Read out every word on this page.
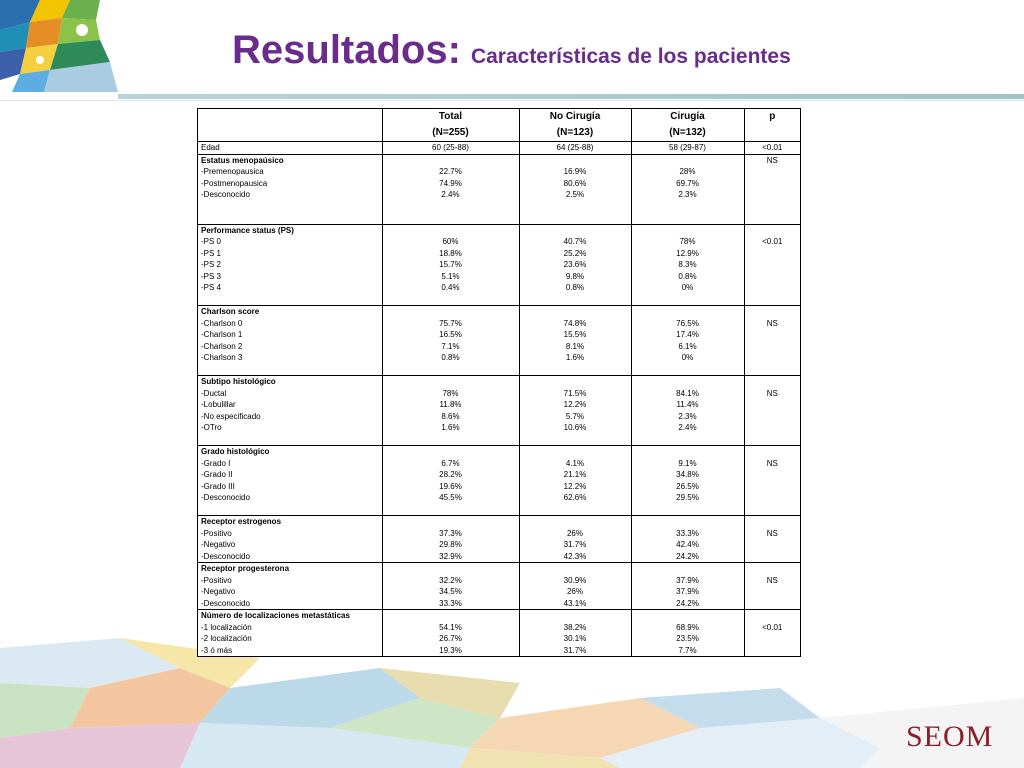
Resultados: Características de los pacientes
SEOM
	Total	No Cirugía	Cirugía	p
	(N=255)	(N=123)	(N=132)	
Edad	60 (25-88)	64 (25-88)	58 (29-87)	<0.01
Estatus menopaúsico				NS
-Premenopausica	22.7%	16.9%	28%	
-Postmenopausica	74.9%	80.6%	69.7%	
-Desconocido	2.4%	2.5%	2.3%	

Performance status (PS)				
-PS 0	60%	40.7%	78%	<0.01
-PS 1	18.8%	25.2%	12.9%	
-PS 2	15.7%	23.6%	8.3%	
-PS 3	5.1%	9.8%	0.8%	
-PS 4	0.4%	0.8%	0%	

Charlson score				
-Charlson 0	75.7%	74.8%	76.5%	NS
-Charlson 1	16.5%	15.5%	17.4%	
-Charlson 2	7.1%	8.1%	6.1%	
-Charlson 3	0.8%	1.6%	0%	

Subtipo histológico				
-Ductal	78%	71.5%	84.1%	NS
-Lobulillar	11.8%	12.2%	11.4%	
-No especificado	8.6%	5.7%	2.3%	
-OTro	1.6%	10.6%	2.4%	

Grado histológico				
-Grado I	6.7%	4.1%	9.1%	NS
-Grado II	28.2%	21.1%	34.8%	
-Grado III	19.6%	12.2%	26.5%	
-Desconocido	45.5%	62.6%	29.5%	

Receptor estrogenos				
-Positivo	37.3%	26%	33.3%	NS
-Negativo	29.8%	31.7%	42.4%	
-Desconocido	32.9%	42.3%	24.2%	
Receptor progesterona				
-Positivo	32.2%	30.9%	37.9%	NS
-Negativo	34.5%	26%	37.9%	
-Desconocido	33.3%	43.1%	24.2%	
Número de localizaciones metastáticas				
-1 localización	54.1%	38.2%	68.9%	<0.01
-2 localización	26.7%	30.1%	23.5%	
-3 ó más	19.3%	31.7%	7.7%	
